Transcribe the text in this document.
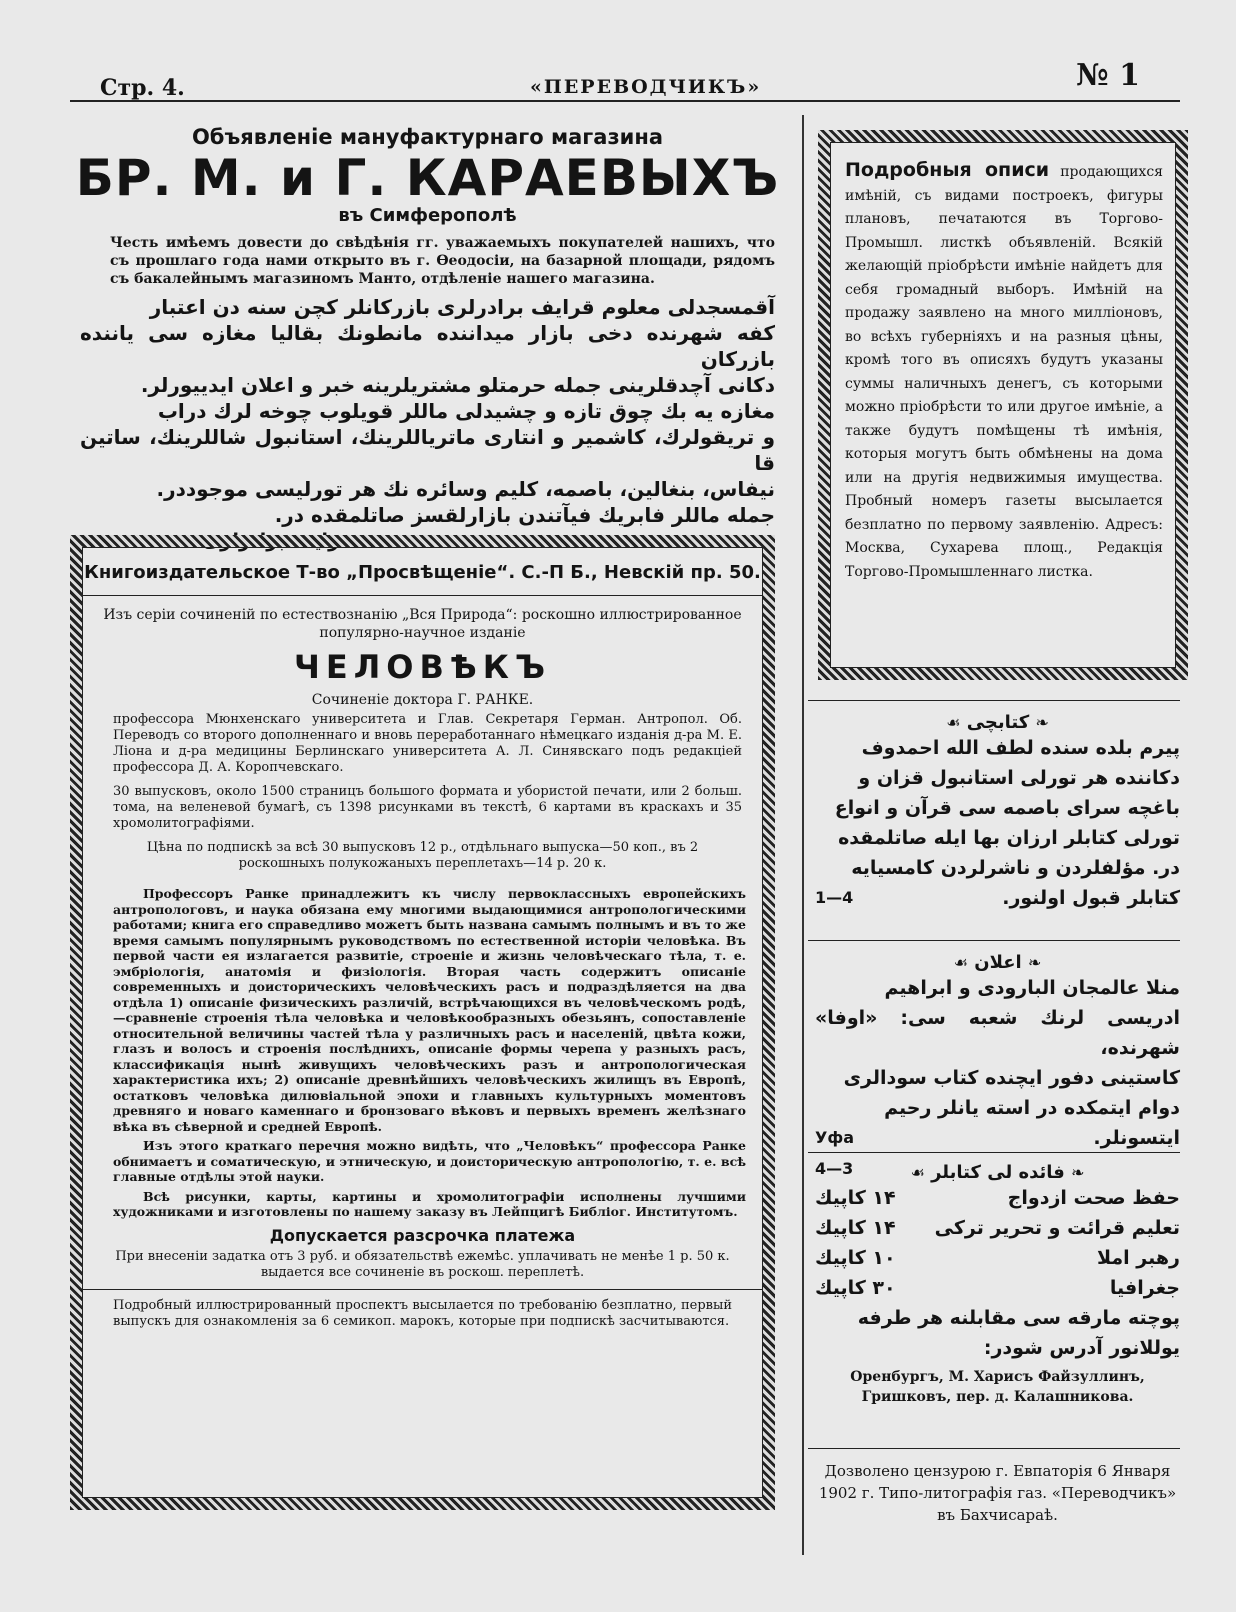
Стр. 4.	«ПЕРЕВОДЧИКЪ»	№ 1
Объявленіе мануфактурнаго магазина
БР. М. и Г. КАРАЕВЫХЪ
въ Симферополѣ
Честь имѣемъ довести до свѣдѣнія гг. уважаемыхъ покупателей нашихъ, что съ прошлаго года нами открыто въ г. Ѳеодосіи, на базарной площади, рядомъ съ бакалейнымъ магазиномъ Манто, отдѣленіе нашего магазина.
آقمسجدلی معلوم قرایف برادرلری بازرکانلر کچن سنه دن اعتبار
کفه شهرنده دخی بازار میداننده مانطونك بقالیا مغازه سی یاننده بازرکان
دکانی آچدقلرینی جمله حرمتلو مشتریلرینه خبر و اعلان ایدییورلر.
مغازه یه بك چوق تازه و چشیدلی ماللر قویلوب چوخه لرك دراب
و تریقولرك، کاشمیر و انتاری ماتریاللرینك، استانبول شاللرینك، ساتین قا
نیفاس، بنغالین، باصمه، کلیم وسائره نك هر تورلیسی موجوددر.
جمله ماللر فابریك فیآتندن بازارلقسز صاتلمقده در.
قرایف برادرلری
Книгоиздательское Т-во „Просвѣщеніе“. С.-П Б., Невскій пр. 50.
Изъ серіи сочиненій по естествознанію „Вся Природа“: роскошно иллюстрированное популярно-научное изданіе
ЧЕЛОВѢКЪ
Сочиненіе доктора Г. РАНКЕ.
профессора Мюнхенскаго университета и Глав. Секретаря Герман. Антропол. Об. Переводъ со второго дополненнаго и вновь переработаннаго нѣмецкаго изданія д-ра М. Е. Ліона и д-ра медицины Берлинскаго университета А. Л. Синявскаго подъ редакціей профессора Д. А. Коропчевскаго.
30 выпусковъ, около 1500 страницъ большого формата и убористой печати, или 2 больш. тома, на веленевой бумагѣ, съ 1398 рисунками въ текстѣ, 6 картами въ краскахъ и 35 хромолитографіями.
Цѣна по подпискѣ за всѣ 30 выпусковъ 12 р., отдѣльнаго выпуска—50 коп., въ 2 роскошныхъ полукожаныхъ переплетахъ—14 р. 20 к.

Профессоръ Ранке принадлежитъ къ числу первоклассныхъ европейскихъ антропологовъ, и наука обязана ему многими выдающимися антропологическими работами; книга его справедливо можетъ быть названа самымъ полнымъ и въ то же время самымъ популярнымъ руководствомъ по естественной исторіи человѣка. Въ первой части ея излагается развитіе, строеніе и жизнь человѣческаго тѣла, т. е. эмбріологія, анатомія и физіологія. Вторая часть содержитъ описаніе современныхъ и доисторическихъ человѣческихъ расъ и подраздѣляется на два отдѣла 1) описаніе физическихъ различій, встрѣчающихся въ человѣческомъ родѣ,—сравненіе строенія тѣла человѣка и человѣкообразныхъ обезьянъ, сопоставленіе относительной величины частей тѣла у различныхъ расъ и населеній, цвѣта кожи, глазъ и волосъ и строенія послѣднихъ, описаніе формы черепа у разныхъ расъ, классификація нынѣ живущихъ человѣческихъ разъ и антропологическая характеристика ихъ; 2) описаніе древнѣйшихъ человѣческихъ жилищъ въ Европѣ, остатковъ человѣка дилювіальной эпохи и главныхъ культурныхъ моментовъ древняго и новаго каменнаго и бронзоваго вѣковъ и первыхъ временъ желѣзнаго вѣка въ сѣверной и средней Европѣ.

Изъ этого краткаго перечня можно видѣть, что „Человѣкъ“ профессора Ранке обнимаетъ и соматическую, и этническую, и доисторическую антропологію, т. е. всѣ главные отдѣлы этой науки.

Всѣ рисунки, карты, картины и хромолитографіи исполнены лучшими художниками и изготовлены по нашему заказу въ Лейпцигѣ Библіог. Институтомъ.

Допускается разсрочка платежа
При внесеніи задатка отъ 3 руб. и обязательствѣ ежемѣс. уплачивать не менѣе 1 р. 50 к. выдается все сочиненіе въ роскош. переплетѣ.
Подробный иллюстрированный проспектъ высылается по требованію безплатно, первый выпускъ для ознакомленія за 6 семикоп. марокъ, которые при подпискѣ засчитываются.
Подробныя описи продающихся имѣній, съ видами построекъ, фигуры плановъ, печатаются въ Торгово-Промышл. листкѣ объявленій. Всякій желающій пріобрѣсти имѣніе найдетъ для себя громадный выборъ. Имѣній на продажу заявлено на много милліоновъ, во всѣхъ губерніяхъ и на разныя цѣны, кромѣ того въ описяхъ будутъ указаны суммы наличныхъ денегъ, съ которыми можно пріобрѣсти то или другое имѣніе, а также будутъ помѣщены тѣ имѣнія, которыя могутъ быть обмѣнены на дома или на другія недвижимыя имущества. Пробный номеръ газеты высылается безплатно по первому заявленію. Адресъ: Москва, Сухарева площ., Редакція Торгово-Промышленнаго листка.
❧ کتابچی ☙
پیرم بلده سنده لطف الله احمدوف
دکاننده هر تورلی استانبول قزان و
باغچه سرای باصمه سی قرآن و انواع
تورلی کتابلر ارزان بها ایله صاتلمقده
در. مؤلفلردن و ناشرلردن کامسیایه
کتابلر قبول اولنور.
4—1
❧ اعلان ☙
منلا عالمجان البارودی و ابراهیم
ادریسی لرنك شعبه سی: «اوفا» شهرنده،
کاستینی دفور ایچنده کتاب سودالری
دوام ایتمکده در استه یانلر رحیم
ایتسونلر.
Уфа
4—3	❧ فائده لی کتابلر ☙
حفظ صحت ازدواج
۱۴ کاپیك
تعلیم قرائت و تحریر ترکی
۱۴ کاپیك
رهبر املا
۱۰ کاپیك
جغرافیا
۳۰ کاپیك
پوچته مارقه سی مقابلنه هر طرفه
یوللانور آدرس شودر:
Оренбургъ, М. Харисъ Файзуллинъ, Гришковъ, пер. д. Калашникова.
Дозволено цензурою г. Евпаторія 6 Января 1902 г. Типо-литографія газ. «Переводчикъ» въ Бахчисараѣ.
